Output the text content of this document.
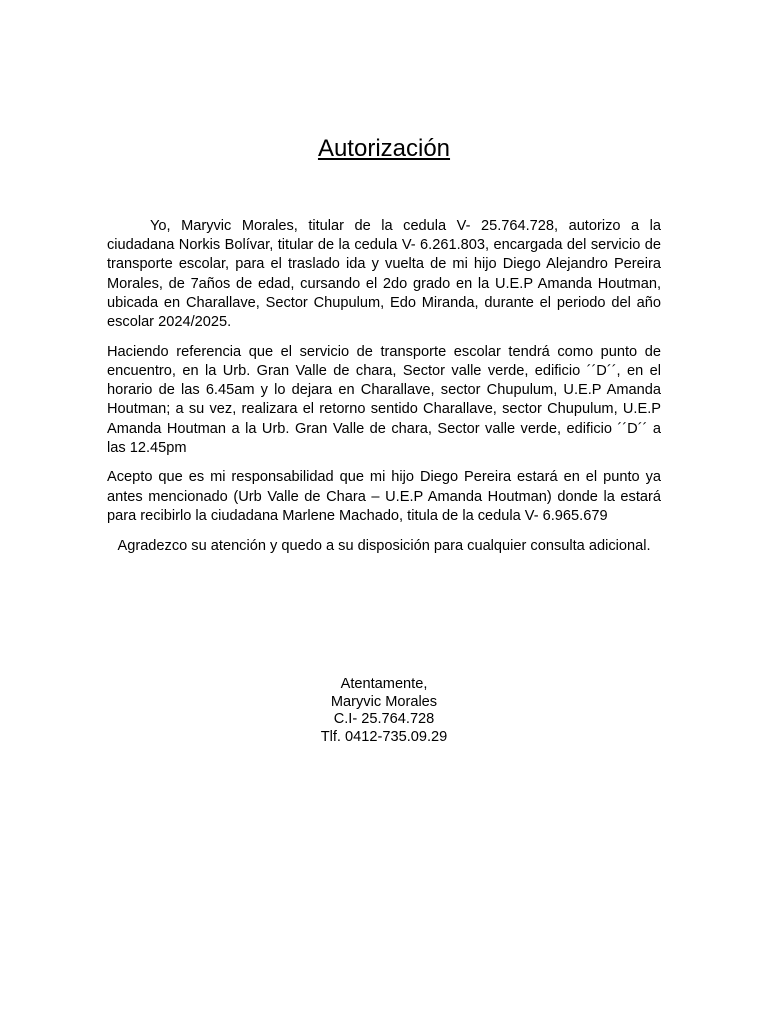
Autorización

Yo, Maryvic Morales, titular de la cedula V- 25.764.728, autorizo a la ciudadana Norkis Bolívar, titular de la cedula V- 6.261.803, encargada del servicio de transporte escolar, para el traslado ida y vuelta de mi hijo Diego Alejandro Pereira Morales, de 7años de edad, cursando el 2do grado en la U.E.P Amanda Houtman, ubicada en Charallave, Sector Chupulum, Edo Miranda, durante el periodo del año escolar 2024/2025.

Haciendo referencia que el servicio de transporte escolar tendrá como punto de encuentro, en la Urb. Gran Valle de chara, Sector valle verde, edificio ´´D´´, en el horario de las 6.45am y lo dejara en Charallave, sector Chupulum, U.E.P Amanda Houtman; a su vez, realizara el retorno sentido Charallave, sector Chupulum, U.E.P Amanda Houtman a la Urb. Gran Valle de chara, Sector valle verde, edificio ´´D´´ a las 12.45pm

Acepto que es mi responsabilidad que mi hijo Diego Pereira estará en el punto ya antes mencionado (Urb Valle de Chara – U.E.P Amanda Houtman) donde la estará para recibirlo la ciudadana Marlene Machado, titula de la cedula V- 6.965.679

Agradezco su atención y quedo a su disposición para cualquier consulta adicional.

Atentamente,
Maryvic Morales
C.I- 25.764.728
Tlf. 0412-735.09.29
